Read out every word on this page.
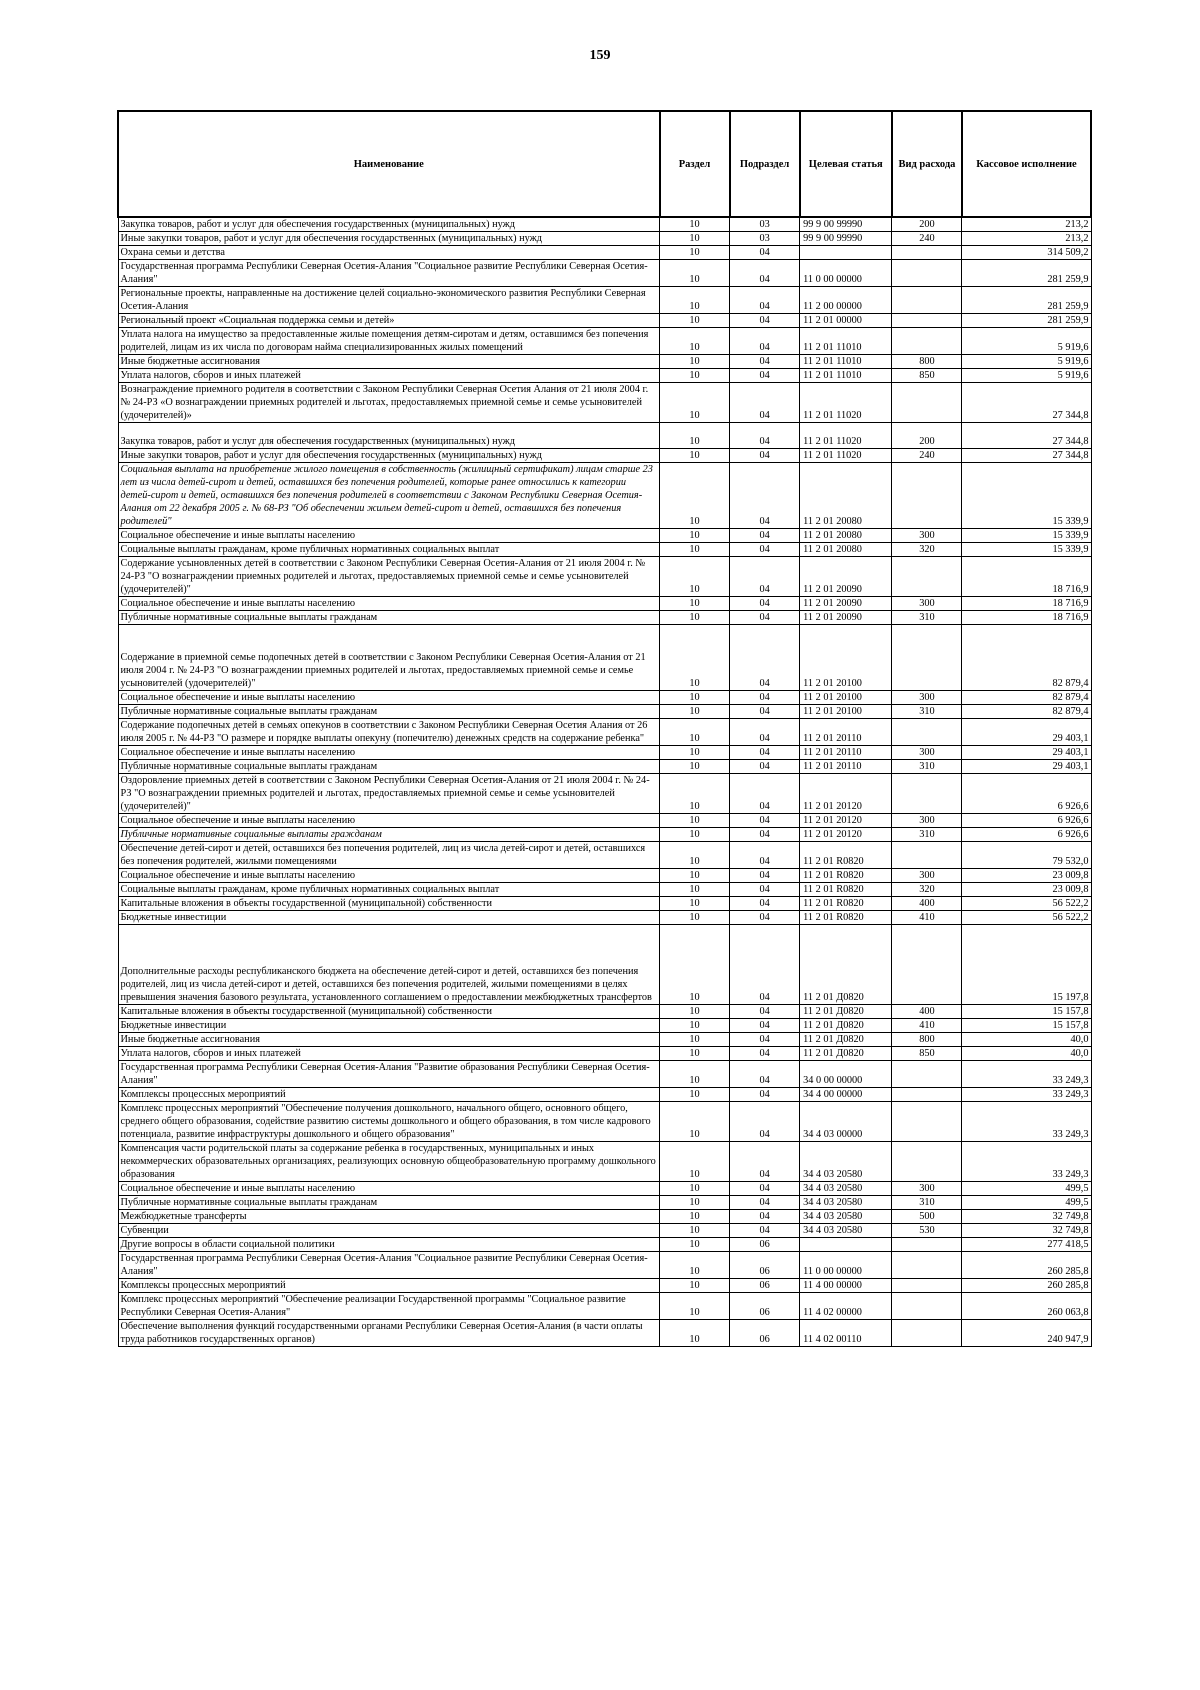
159
Наименование	Раздел	Подраздел	Целевая статья	Вид расхода	Кассовое исполнение
Закупка товаров, работ и услуг для обеспечения государственных (муниципальных) нужд	10	03	99 9 00 99990	200	213,2
Иные закупки товаров, работ и услуг для обеспечения государственных (муниципальных) нужд	10	03	99 9 00 99990	240	213,2
Охрана семьи и детства	10	04			314 509,2
Государственная программа Республики Северная Осетия-Алания "Социальное развитие Республики Северная Осетия-Алания"	10	04	11 0 00 00000		281 259,9
Региональные проекты, направленные на достижение целей социально-экономического развития Республики Северная Осетия-Алания	10	04	11 2 00 00000		281 259,9
Региональный проект «Социальная поддержка семьи и детей»	10	04	11 2 01 00000		281 259,9
Уплата налога на имущество за предоставленные жилые помещения детям-сиротам и детям, оставшимся без попечения родителей, лицам из их числа по договорам найма специализированных жилых помещений	10	04	11 2 01 11010		5 919,6
Иные бюджетные ассигнования	10	04	11 2 01 11010	800	5 919,6
Уплата налогов, сборов и иных платежей	10	04	11 2 01 11010	850	5 919,6
Вознаграждение приемного родителя в соответствии с Законом Республики Северная Осетия Алания от 21 июля 2004 г. № 24-РЗ «О вознаграждении приемных родителей и льготах, предоставляемых приемной семье и семье усыновителей (удочерителей)»	10	04	11 2 01 11020		27 344,8
Закупка товаров, работ и услуг для обеспечения государственных (муниципальных) нужд	10	04	11 2 01 11020	200	27 344,8
Иные закупки товаров, работ и услуг для обеспечения государственных (муниципальных) нужд	10	04	11 2 01 11020	240	27 344,8
Социальная выплата на приобретение жилого помещения в собственность (жилищный сертификат) лицам старше 23 лет из числа детей-сирот и детей, оставшихся без попечения родителей, которые ранее относились к категории детей-сирот и детей, оставшихся без попечения родителей в соответствии с Законом Республики Северная Осетия-Алания от 22 декабря 2005 г. № 68-РЗ "Об обеспечении жильем детей-сирот и детей, оставшихся без попечения родителей"	10	04	11 2 01 20080		15 339,9
Социальное обеспечение и иные выплаты населению	10	04	11 2 01 20080	300	15 339,9
Социальные выплаты гражданам, кроме публичных нормативных социальных выплат	10	04	11 2 01 20080	320	15 339,9
Содержание усыновленных детей в соответствии с Законом Республики Северная Осетия-Алания от 21 июля 2004 г. № 24-РЗ "О вознаграждении приемных родителей и льготах, предоставляемых приемной семье и семье усыновителей (удочерителей)"	10	04	11 2 01 20090		18 716,9
Социальное обеспечение и иные выплаты населению	10	04	11 2 01 20090	300	18 716,9
Публичные нормативные социальные выплаты гражданам	10	04	11 2 01 20090	310	18 716,9
Содержание в приемной семье подопечных детей в соответствии с Законом Республики Северная Осетия-Алания от 21 июля 2004 г. № 24-РЗ "О вознаграждении приемных родителей и льготах, предоставляемых приемной семье и семье усыновителей (удочерителей)"	10	04	11 2 01 20100		82 879,4
Социальное обеспечение и иные выплаты населению	10	04	11 2 01 20100	300	82 879,4
Публичные нормативные социальные выплаты гражданам	10	04	11 2 01 20100	310	82 879,4
Содержание подопечных детей в семьях опекунов в соответствии с Законом Республики Северная Осетия Алания от 26 июля 2005 г. № 44-РЗ "О размере и порядке выплаты опекуну (попечителю) денежных средств на содержание ребенка"	10	04	11 2 01 20110		29 403,1
Социальное обеспечение и иные выплаты населению	10	04	11 2 01 20110	300	29 403,1
Публичные нормативные социальные выплаты гражданам	10	04	11 2 01 20110	310	29 403,1
Оздоровление приемных детей в соответствии с Законом Республики Северная Осетия-Алания от 21 июля 2004 г. № 24-РЗ "О вознаграждении приемных родителей и льготах, предоставляемых приемной семье и семье усыновителей (удочерителей)"	10	04	11 2 01 20120		6 926,6
Социальное обеспечение и иные выплаты населению	10	04	11 2 01 20120	300	6 926,6
Публичные нормативные социальные выплаты гражданам	10	04	11 2 01 20120	310	6 926,6
Обеспечение детей-сирот и детей, оставшихся без попечения родителей, лиц из числа детей-сирот и детей, оставшихся без попечения родителей, жилыми помещениями	10	04	11 2 01 R0820		79 532,0
Социальное обеспечение и иные выплаты населению	10	04	11 2 01 R0820	300	23 009,8
Социальные выплаты гражданам, кроме публичных нормативных социальных выплат	10	04	11 2 01 R0820	320	23 009,8
Капитальные вложения в объекты государственной (муниципальной) собственности	10	04	11 2 01 R0820	400	56 522,2
Бюджетные инвестиции	10	04	11 2 01 R0820	410	56 522,2
Дополнительные расходы республиканского бюджета на обеспечение детей-сирот и детей, оставшихся без попечения родителей, лиц из числа детей-сирот и детей, оставшихся без попечения родителей, жилыми помещениями в целях превышения значения базового результата, установленного соглашением о предоставлении межбюджетных трансфертов	10	04	11 2 01 Д0820		15 197,8
Капитальные вложения в объекты государственной (муниципальной) собственности	10	04	11 2 01 Д0820	400	15 157,8
Бюджетные инвестиции	10	04	11 2 01 Д0820	410	15 157,8
Иные бюджетные ассигнования	10	04	11 2 01 Д0820	800	40,0
Уплата налогов, сборов и иных платежей	10	04	11 2 01 Д0820	850	40,0
Государственная программа Республики Северная Осетия-Алания "Развитие образования Республики Северная Осетия-Алания"	10	04	34 0 00 00000		33 249,3
Комплексы процессных мероприятий	10	04	34 4 00 00000		33 249,3
Комплекс процессных мероприятий "Обеспечение получения дошкольного, начального общего, основного общего, среднего общего образования, содействие развитию системы дошкольного и общего образования, в том числе кадрового потенциала, развитие инфраструктуры дошкольного и общего образования"	10	04	34 4 03 00000		33 249,3
Компенсация части родительской платы за содержание ребенка в государственных, муниципальных и иных некоммерческих образовательных организациях, реализующих основную общеобразовательную программу дошкольного образования	10	04	34 4 03 20580		33 249,3
Социальное обеспечение и иные выплаты населению	10	04	34 4 03 20580	300	499,5
Публичные нормативные социальные выплаты гражданам	10	04	34 4 03 20580	310	499,5
Межбюджетные трансферты	10	04	34 4 03 20580	500	32 749,8
Субвенции	10	04	34 4 03 20580	530	32 749,8
Другие вопросы в области социальной политики	10	06			277 418,5
Государственная программа Республики Северная Осетия-Алания "Социальное развитие Республики Северная Осетия-Алания"	10	06	11 0 00 00000		260 285,8
Комплексы процессных мероприятий	10	06	11 4 00 00000		260 285,8
Комплекс процессных мероприятий "Обеспечение реализации Государственной программы "Социальное развитие Республики Северная Осетия-Алания"	10	06	11 4 02 00000		260 063,8
Обеспечение выполнения функций государственными органами Республики Северная Осетия-Алания (в части оплаты труда работников государственных органов)	10	06	11 4 02 00110		240 947,9
